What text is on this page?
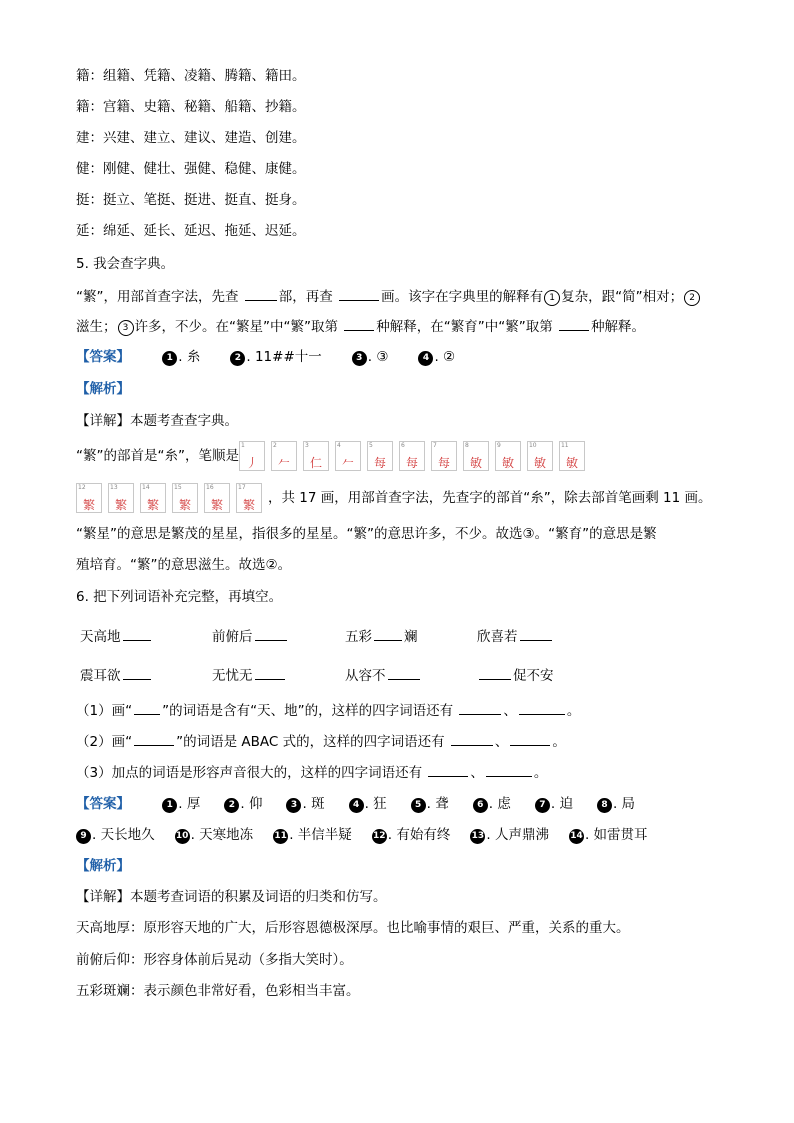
籍：组籍、凭籍、凌籍、腾籍、籍田。
籍：宫籍、史籍、秘籍、船籍、抄籍。
建：兴建、建立、建议、建造、创建。
健：刚健、健壮、强健、稳健、康健。
挺：挺立、笔挺、挺进、挺直、挺身。
延：绵延、延长、延迟、拖延、迟延。
5. 我会查字典。
“繁”，用部首查字法，先查	部，再查	画。该字在字典里的解释有 1 复杂，跟“简”相对； 2
滋生； 3 许多，不少。在“繁星”中“繁”取第	种解释，在“繁育”中“繁”取第	种解释。
【答案】	1 . 糸	2 . 11##十一	3 . ③	4 . ②
【解析】
【详解】本题考查查字典。
“繁”的部首是“糸”，笔顺是
1
丿
2
𠂉
3
仁
4
𠂉
5
每
6
每
7
每
8
敏
9
敏
10
敏
11
敏
12
繁
13
繁
14
繁
15
繁
16
繁
17
繁 ，共 17 画，用部首查字法，先查字的部首“糸”，除去部首笔画剩 11 画。
“繁星”的意思是繁茂的星星，指很多的星星。“繁”的意思许多，不少。故选③。“繁育”的意思是繁
殖培育。“繁”的意思滋生。故选②。
6. 把下列词语补充完整，再填空。
天高地	前俯后	五彩 斓	欣喜若
震耳欲	无忧无	从容不	促不安
（1）画“ ”的词语是含有“天、地”的，这样的四字词语还有	、	。
（2）画“	”的词语是 ABAC 式的，这样的四字词语还有	、	。
（3）加点的词语是形容声音很大的，这样的四字词语还有	、	。
【答案】	1 . 厚	2 . 仰	3 . 斑	4 . 狂	5 . 聋	6 . 虑	7 . 迫	8 . 局
9 . 天长地久 10 . 天寒地冻 11 . 半信半疑 12 . 有始有终 13 . 人声鼎沸 14 . 如雷贯耳
【解析】
【详解】本题考查词语的积累及词语的归类和仿写。
天高地厚：原形容天地的广大，后形容恩德极深厚。也比喻事情的艰巨、严重，关系的重大。
前俯后仰：形容身体前后晃动（多指大笑时）。
五彩斑斓：表示颜色非常好看，色彩相当丰富。
